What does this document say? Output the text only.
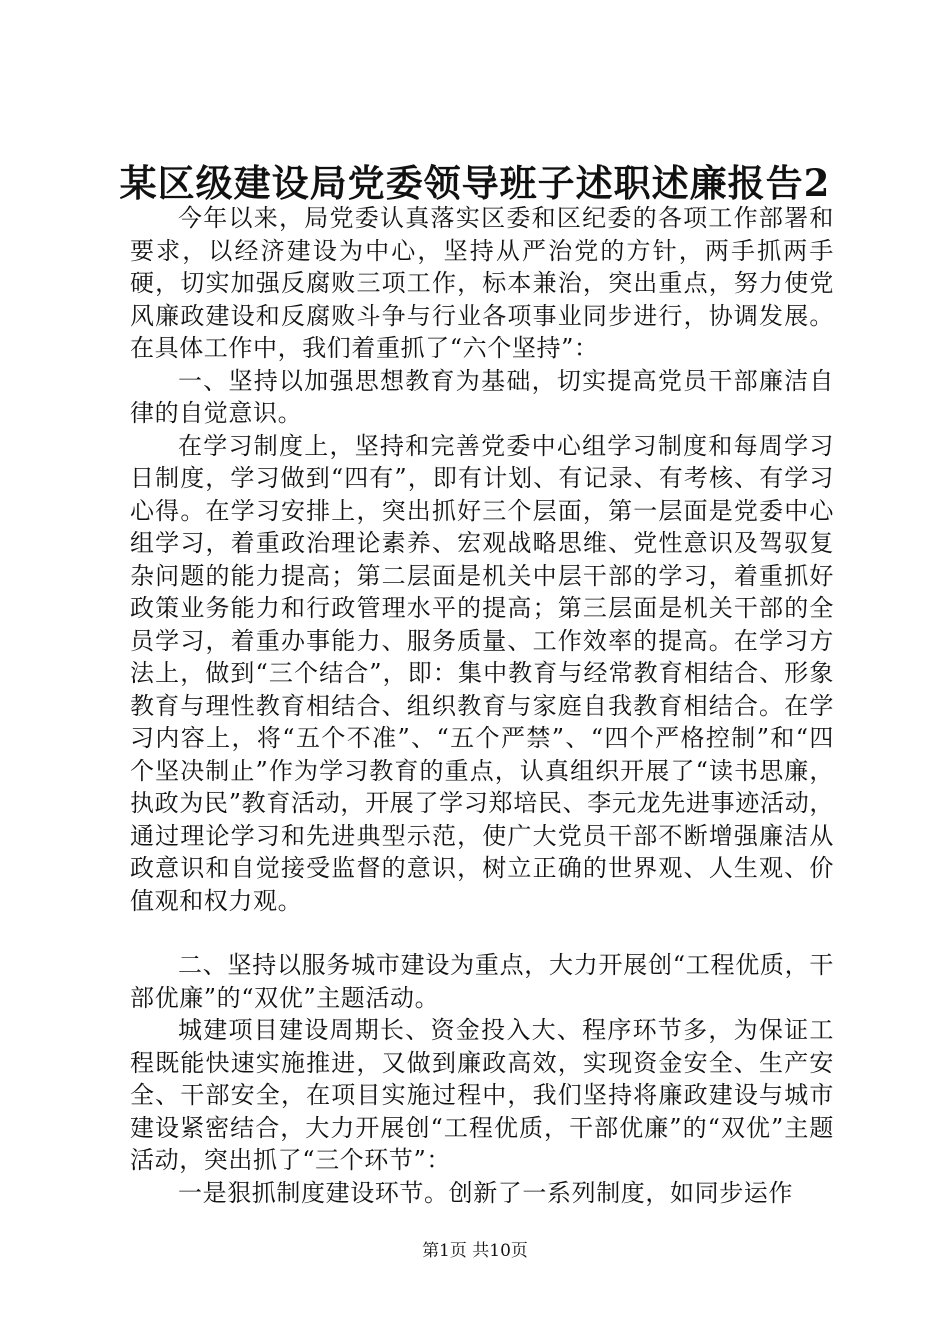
某区级建设局党委领导班子述职述廉报告2

今年以来，局党委认真落实区委和区纪委的各项工作部署和要求，以经济建设为中心，坚持从严治党的方针，两手抓两手硬，切实加强反腐败三项工作，标本兼治，突出重点，努力使党风廉政建设和反腐败斗争与行业各项事业同步进行，协调发展。在具体工作中，我们着重抓了“六个坚持”：

一、坚持以加强思想教育为基础，切实提高党员干部廉洁自律的自觉意识。

在学习制度上，坚持和完善党委中心组学习制度和每周学习日制度，学习做到“四有”，即有计划、有记录、有考核、有学习心得。在学习安排上，突出抓好三个层面，第一层面是党委中心组学习，着重政治理论素养、宏观战略思维、党性意识及驾驭复杂问题的能力提高；第二层面是机关中层干部的学习，着重抓好政策业务能力和行政管理水平的提高；第三层面是机关干部的全员学习，着重办事能力、服务质量、工作效率的提高。在学习方法上，做到“三个结合”，即：集中教育与经常教育相结合、形象教育与理性教育相结合、组织教育与家庭自我教育相结合。在学习内容上，将“五个不准”、“五个严禁”、“四个严格控制”和“四个坚决制止”作为学习教育的重点，认真组织开展了“读书思廉，执政为民”教育活动，开展了学习郑培民、李元龙先进事迹活动，通过理论学习和先进典型示范，使广大党员干部不断增强廉洁从政意识和自觉接受监督的意识，树立正确的世界观、人生观、价值观和权力观。

二、坚持以服务城市建设为重点，大力开展创“工程优质，干部优廉”的“双优”主题活动。

城建项目建设周期长、资金投入大、程序环节多，为保证工程既能快速实施推进，又做到廉政高效，实现资金安全、生产安全、干部安全，在项目实施过程中，我们坚持将廉政建设与城市建设紧密结合，大力开展创“工程优质，干部优廉”的“双优”主题活动，突出抓了“三个环节”：

一是狠抓制度建设环节。创新了一系列制度，如同步运作

第1页 共10页
